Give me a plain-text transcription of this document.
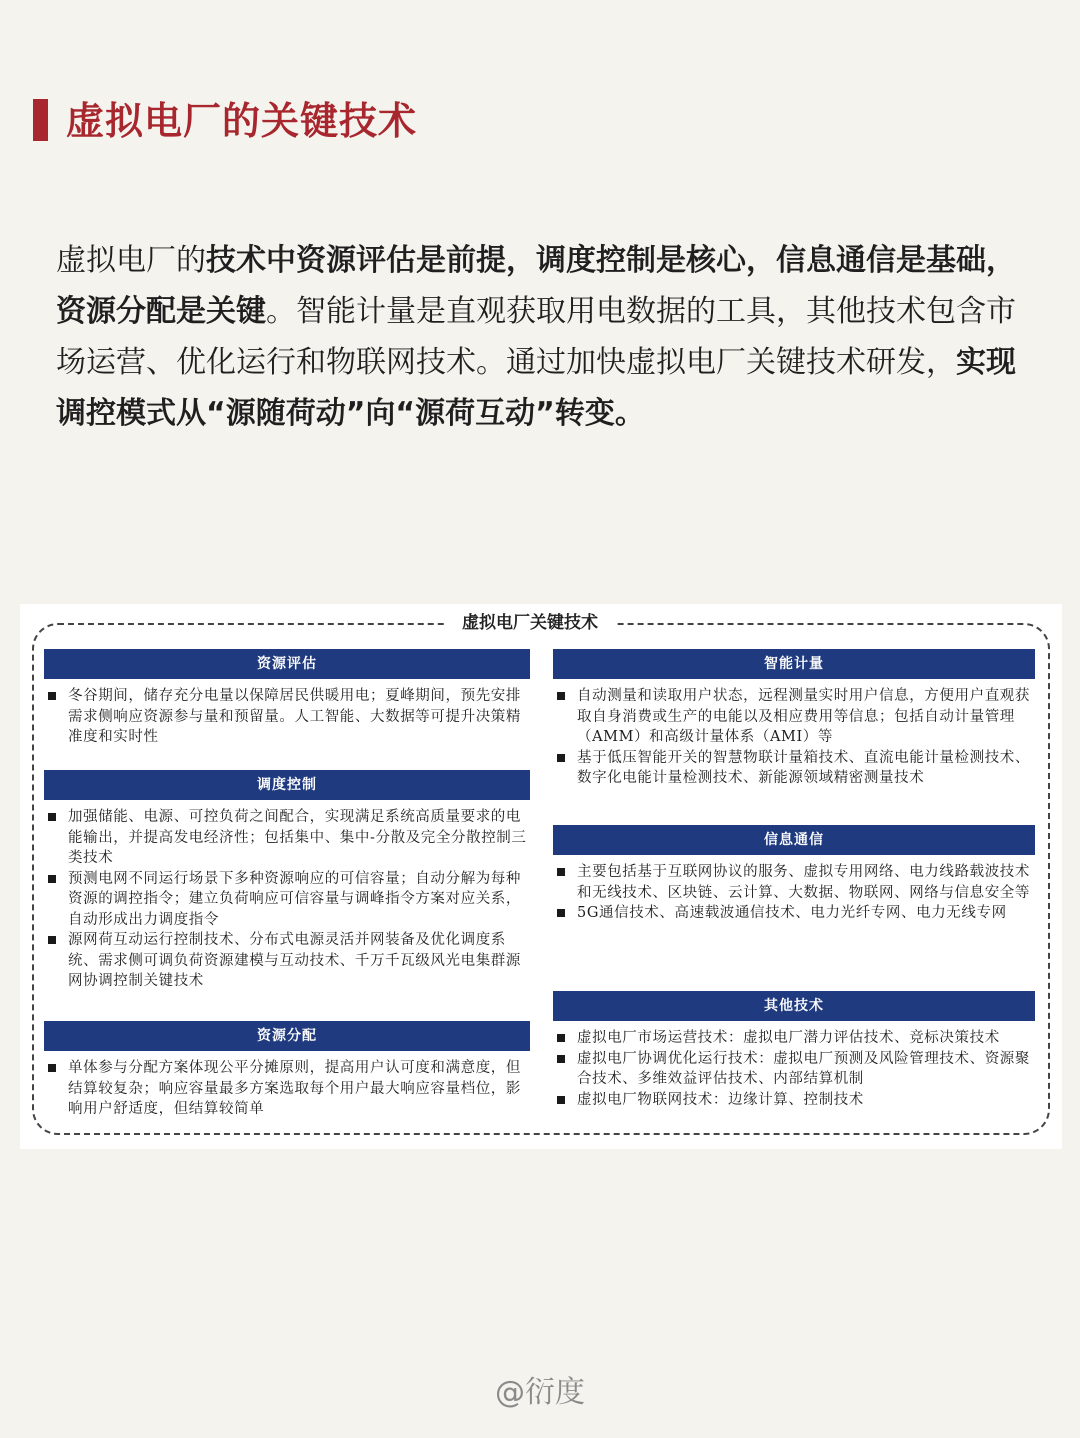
虚拟电厂的关键技术
虚拟电厂的技术中资源评估是前提，调度控制是核心，信息通信是基础，资源分配是关键。智能计量是直观获取用电数据的工具，其他技术包含市场运营、优化运行和物联网技术。通过加快虚拟电厂关键技术研发，实现调控模式从“源随荷动”向“源荷互动”转变。
虚拟电厂关键技术
资源评估
冬谷期间，储存充分电量以保障居民供暖用电；夏峰期间，预先安排需求侧响应资源参与量和预留量。人工智能、大数据等可提升决策精准度和实时性
调度控制
加强储能、电源、可控负荷之间配合，实现满足系统高质量要求的电能输出，并提高发电经济性；包括集中、集中-分散及完全分散控制三类技术
预测电网不同运行场景下多种资源响应的可信容量；自动分解为每种资源的调控指令；建立负荷响应可信容量与调峰指令方案对应关系，自动形成出力调度指令
源网荷互动运行控制技术、分布式电源灵活并网装备及优化调度系统、需求侧可调负荷资源建模与互动技术、千万千瓦级风光电集群源网协调控制关键技术
资源分配
单体参与分配方案体现公平分摊原则，提高用户认可度和满意度，但结算较复杂；响应容量最多方案选取每个用户最大响应容量档位，影响用户舒适度，但结算较简单
智能计量
自动测量和读取用户状态，远程测量实时用户信息，方便用户直观获取自身消费或生产的电能以及相应费用等信息；包括自动计量管理（AMM）和高级计量体系（AMI）等
基于低压智能开关的智慧物联计量箱技术、直流电能计量检测技术、数字化电能计量检测技术、新能源领域精密测量技术
信息通信
主要包括基于互联网协议的服务、虚拟专用网络、电力线路载波技术和无线技术、区块链、云计算、大数据、物联网、网络与信息安全等
5G通信技术、高速载波通信技术、电力光纤专网、电力无线专网
其他技术
虚拟电厂市场运营技术：虚拟电厂潜力评估技术、竞标决策技术
虚拟电厂协调优化运行技术：虚拟电厂预测及风险管理技术、资源聚合技术、多维效益评估技术、内部结算机制
虚拟电厂物联网技术：边缘计算、控制技术
@衍度
